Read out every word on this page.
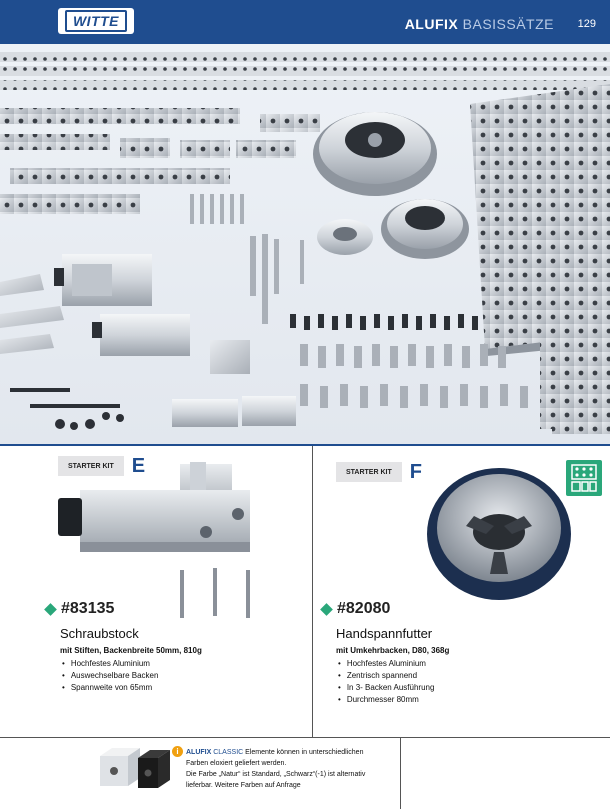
WITTE	ALUFIX BASISSÄTZE 129
STARTER KIT E
#83135
Schraubstock
mit Stiften, Backenbreite 50mm, 810g
• Hochfestes Aluminium
• Auswechselbare Backen
• Spannweite von 65mm
STARTER KIT F
#82080
Handspannfutter
mit Umkehrbacken, D80, 368g
• Hochfestes Aluminium
• Zentrisch spannend
• In 3- Backen Ausführung
• Durchmesser 80mm
i	ALUFIX CLASSIC Elemente können in unterschiedlichen
Farben eloxiert geliefert werden.
Die Farbe „Natur“ ist Standard, „Schwarz“(-1) ist alternativ
lieferbar. Weitere Farben auf Anfrage
